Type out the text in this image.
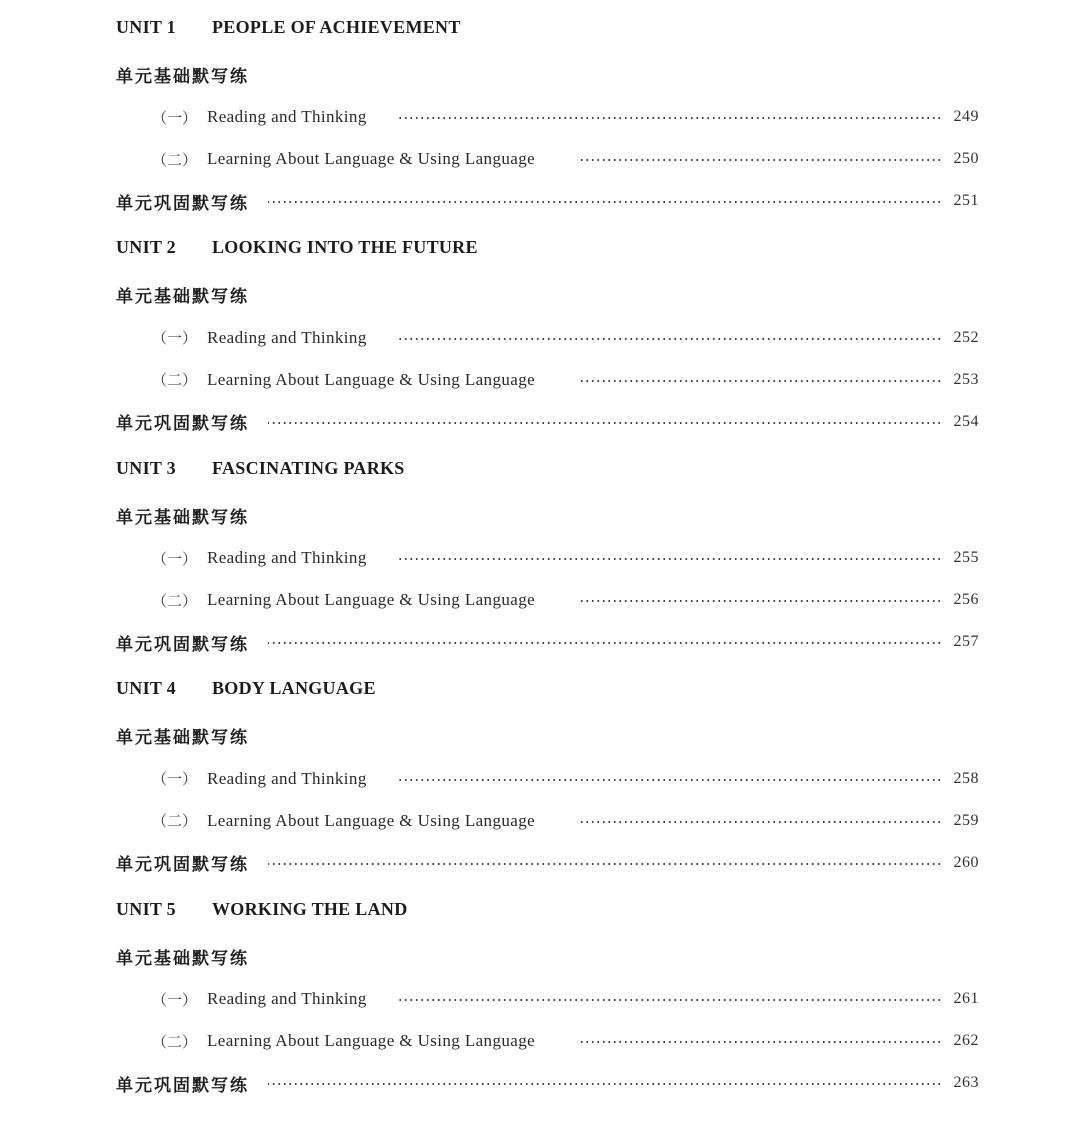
UNIT 1 PEOPLE OF ACHIEVEMENT
单元基础默写练
（一） Reading and Thinking	249
（二） Learning About Language & Using Language	250
单元巩固默写练	251
UNIT 2 LOOKING INTO THE FUTURE
单元基础默写练
（一） Reading and Thinking	252
（二） Learning About Language & Using Language	253
单元巩固默写练	254
UNIT 3 FASCINATING PARKS
单元基础默写练
（一） Reading and Thinking	255
（二） Learning About Language & Using Language	256
单元巩固默写练	257
UNIT 4 BODY LANGUAGE
单元基础默写练
（一） Reading and Thinking	258
（二） Learning About Language & Using Language	259
单元巩固默写练	260
UNIT 5 WORKING THE LAND
单元基础默写练
（一） Reading and Thinking	261
（二） Learning About Language & Using Language	262
单元巩固默写练	263
